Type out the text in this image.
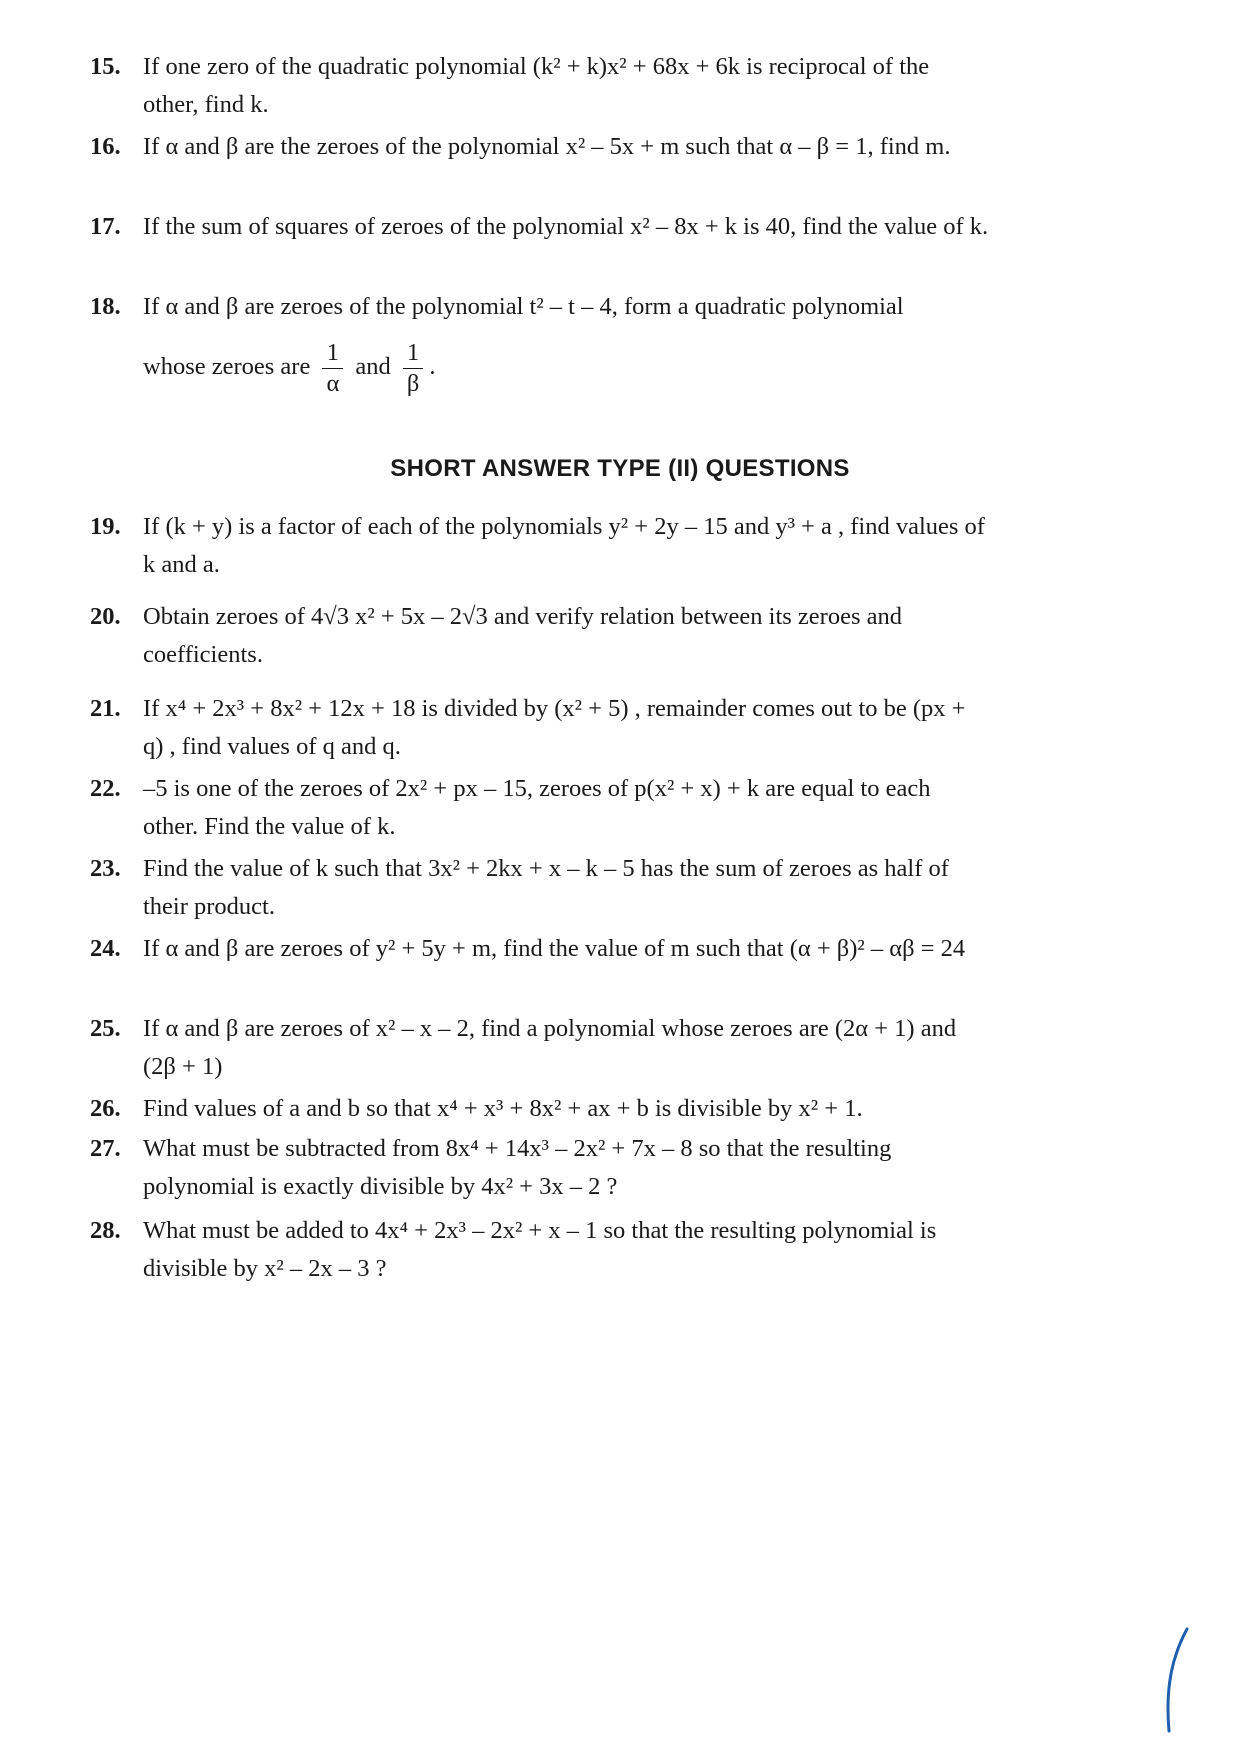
15. If one zero of the quadratic polynomial (k² + k)x² + 68x + 6k is reciprocal of the other, find k.
16. If α and β are the zeroes of the polynomial x² – 5x + m such that α – β = 1, find m.
17. If the sum of squares of zeroes of the polynomial x² – 8x + k is 40, find the value of k.
18. If α and β are zeroes of the polynomial t² – t – 4, form a quadratic polynomial
whose zeroes are $\frac{1}{\alpha}$ and $\frac{1}{\beta}$ .
SHORT ANSWER TYPE (II) QUESTIONS
19. If (k + y) is a factor of each of the polynomials y² + 2y – 15 and y³ + a , find values of k and a.
20. Obtain zeroes of 4√3 x² + 5x – 2√3 and verify relation between its zeroes and coefficients.
21. If x⁴ + 2x³ + 8x² + 12x + 18 is divided by (x² + 5) , remainder comes out to be (px + q) , find values of q and q.
22. –5 is one of the zeroes of 2x² + px – 15, zeroes of p(x² + x) + k are equal to each other. Find the value of k.
23. Find the value of k such that 3x² + 2kx + x – k – 5 has the sum of zeroes as half of their product.
24. If α and β are zeroes of y² + 5y + m, find the value of m such that (α + β)² – αβ = 24
25. If α and β are zeroes of x² – x – 2, find a polynomial whose zeroes are (2α + 1) and (2β + 1)
26. Find values of a and b so that x⁴ + x³ + 8x² + ax + b is divisible by x² + 1.
27. What must be subtracted from 8x⁴ + 14x³ – 2x² + 7x – 8 so that the resulting polynomial is exactly divisible by 4x² + 3x – 2 ?
28. What must be added to 4x⁴ + 2x³ – 2x² + x – 1 so that the resulting polynomial is divisible by x² – 2x – 3 ?
